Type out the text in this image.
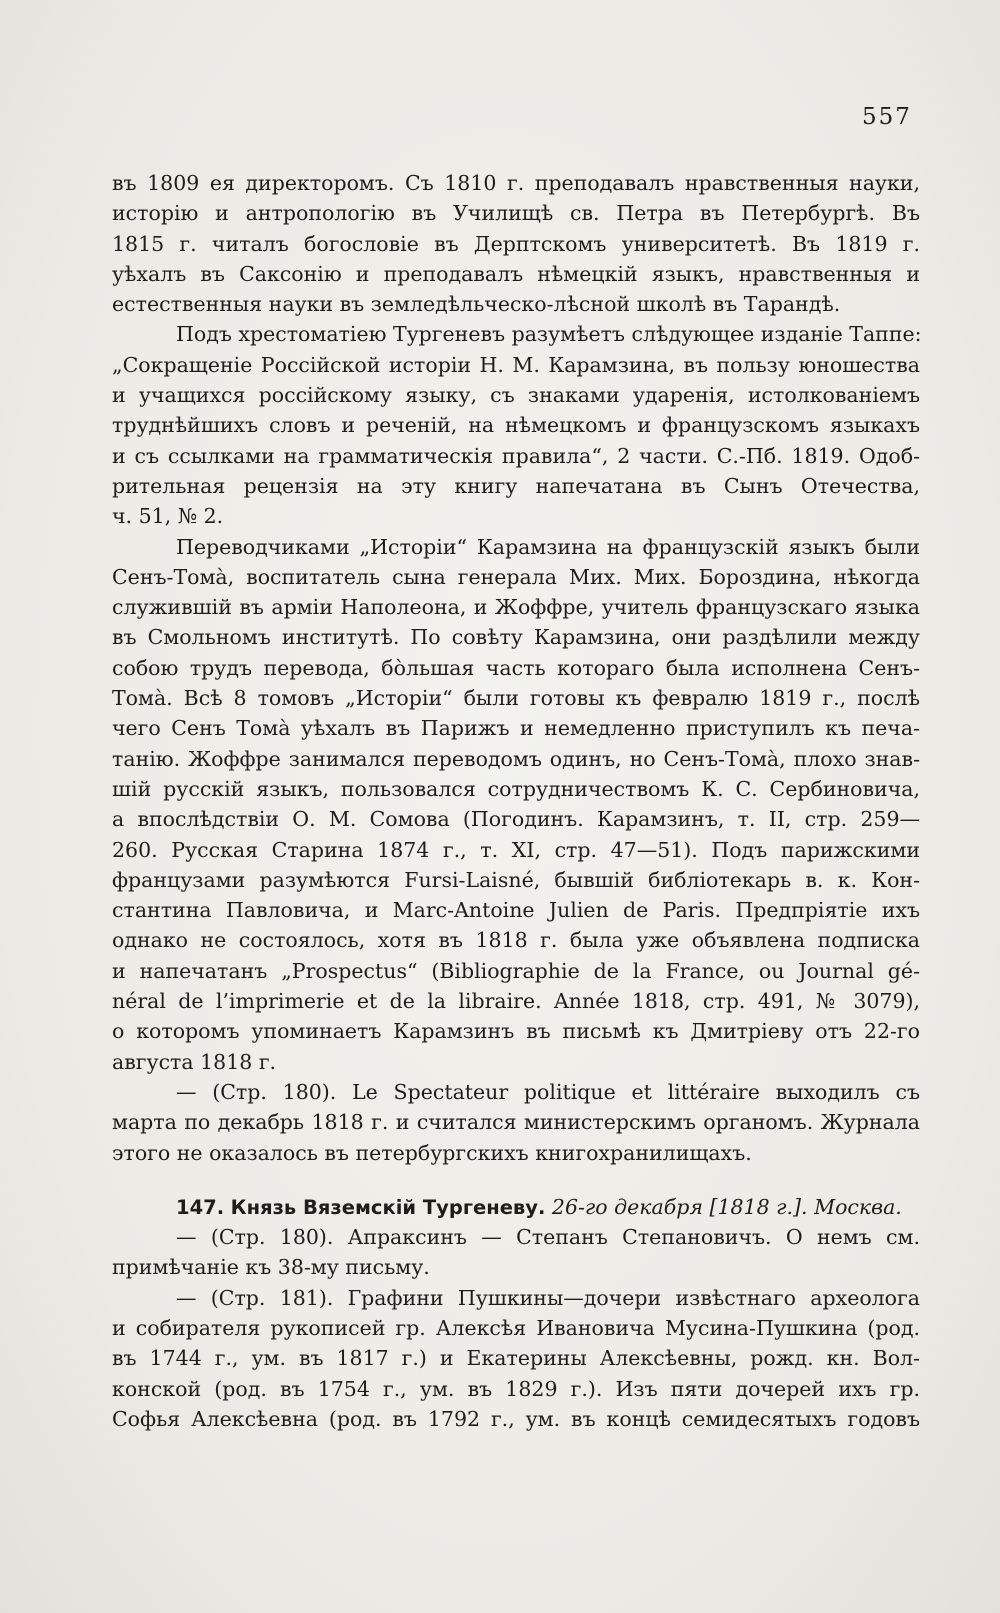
557
въ 1809 ея директоромъ. Съ 1810 г. преподавалъ нравственныя науки,
исторію и антропологію въ Училищѣ св. Петра въ Петербургѣ. Въ
1815 г. читалъ богословіе въ Дерптскомъ университетѣ. Въ 1819 г.
уѣхалъ въ Саксонію и преподавалъ нѣмецкій языкъ, нравственныя и
естественныя науки въ земледѣльческо-лѣсной школѣ въ Тарандѣ.
Подъ хрестоматіею Тургеневъ разумѣетъ слѣдующее изданіе Таппе:
„Сокращеніе Россійской исторіи Н. М. Карамзина, въ пользу юношества
и учащихся россійскому языку, съ знаками ударенія, истолкованіемъ
труднѣйшихъ словъ и реченій, на нѣмецкомъ и французскомъ языкахъ
и съ ссылками на грамматическія правила“, 2 части. С.-Пб. 1819. Одоб-
рительная рецензія на эту книгу напечатана въ Сынъ Отечества,
ч. 51, № 2.
Переводчиками „Исторіи“ Карамзина на французскій языкъ были
Сенъ-Тома̀, воспитатель сына генерала Мих. Мих. Бороздина, нѣкогда
служившій въ арміи Наполеона, и Жоффре, учитель французскаго языка
въ Смольномъ институтѣ. По совѣту Карамзина, они раздѣлили между
собою трудъ перевода, бо̀льшая часть котораго была исполнена Сенъ-
Тома̀. Всѣ 8 томовъ „Исторіи“ были готовы къ февралю 1819 г., послѣ
чего Сенъ Тома̀ уѣхалъ въ Парижъ и немедленно приступилъ къ печа-
танію. Жоффре занимался переводомъ одинъ, но Сенъ-Тома̀, плохо знав-
шій русскій языкъ, пользовался сотрудничествомъ К. С. Сербиновича,
а впослѣдствіи О. М. Сомова (Погодинъ. Карамзинъ, т. II, стр. 259—
260. Русская Старина 1874 г., т. XI, стр. 47—51). Подъ парижскими
французами разумѣются Fursi-Laisné, бывшій библіотекарь в. к. Кон-
стантина Павловича, и Marc-Antoine Julien de Paris. Предпріятіе ихъ
однако не состоялось, хотя въ 1818 г. была уже объявлена подписка
и напечатанъ „Prospectus“ (Bibliographie de la France, ou Journal gé-
néral de l’imprimerie et de la libraire. Année 1818, стр. 491, № 3079),
о которомъ упоминаетъ Карамзинъ въ письмѣ къ Дмитріеву отъ 22-го
августа 1818 г.
— (Стр. 180). Le Spectateur politique et littéraire выходилъ съ
марта по декабрь 1818 г. и считался министерскимъ органомъ. Журнала
этого не оказалось въ петербургскихъ книгохранилищахъ.
147. Князь Вяземскій Тургеневу. 26-го декабря [1818 г.]. Москва.
— (Стр. 180). Апраксинъ — Степанъ Степановичъ. О немъ см.
примѣчаніе къ 38-му письму.
— (Стр. 181). Графини Пушкины—дочери извѣстнаго археолога
и собирателя рукописей гр. Алексѣя Ивановича Мусина-Пушкина (род.
въ 1744 г., ум. въ 1817 г.) и Екатерины Алексѣевны, рожд. кн. Вол-
конской (род. въ 1754 г., ум. въ 1829 г.). Изъ пяти дочерей ихъ гр.
Софья Алексѣевна (род. въ 1792 г., ум. въ концѣ семидесятыхъ годовъ
